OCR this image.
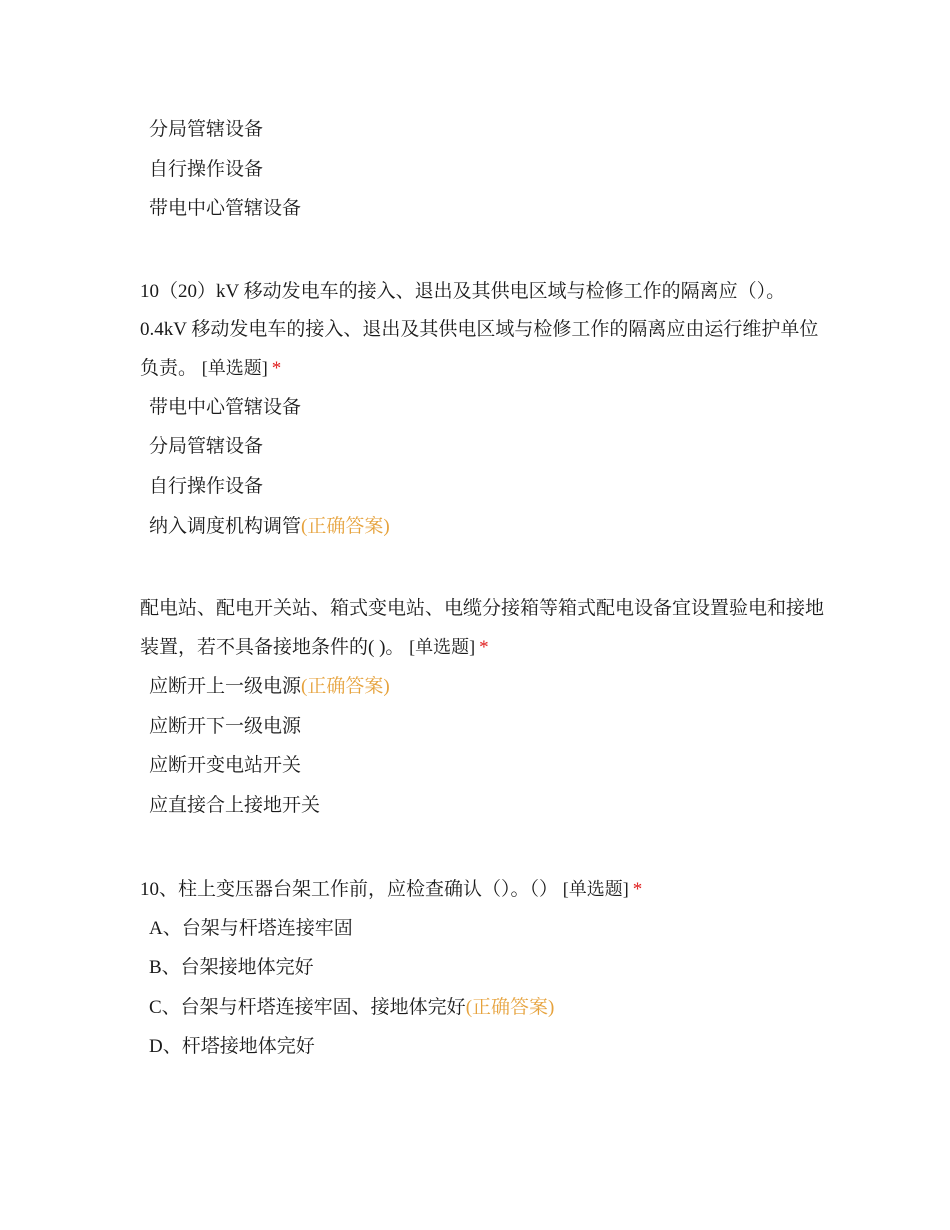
分局管辖设备
自行操作设备
带电中心管辖设备

10（20）kV 移动发电车的接入、退出及其供电区域与检修工作的隔离应（）。 0.4kV 移动发电车的接入、退出及其供电区域与检修工作的隔离应由运行维护单位负责。 [单选题] *

带电中心管辖设备
分局管辖设备
自行操作设备
纳入调度机构调管(正确答案)

配电站、配电开关站、箱式变电站、电缆分接箱等箱式配电设备宜设置验电和接地装置，若不具备接地条件的( )。 [单选题] *

应断开上一级电源(正确答案)
应断开下一级电源
应断开变电站开关
应直接合上接地开关

10、柱上变压器台架工作前，应检查确认（）。（） [单选题] *

A、台架与杆塔连接牢固
B、台架接地体完好
C、台架与杆塔连接牢固、接地体完好(正确答案)
D、杆塔接地体完好
